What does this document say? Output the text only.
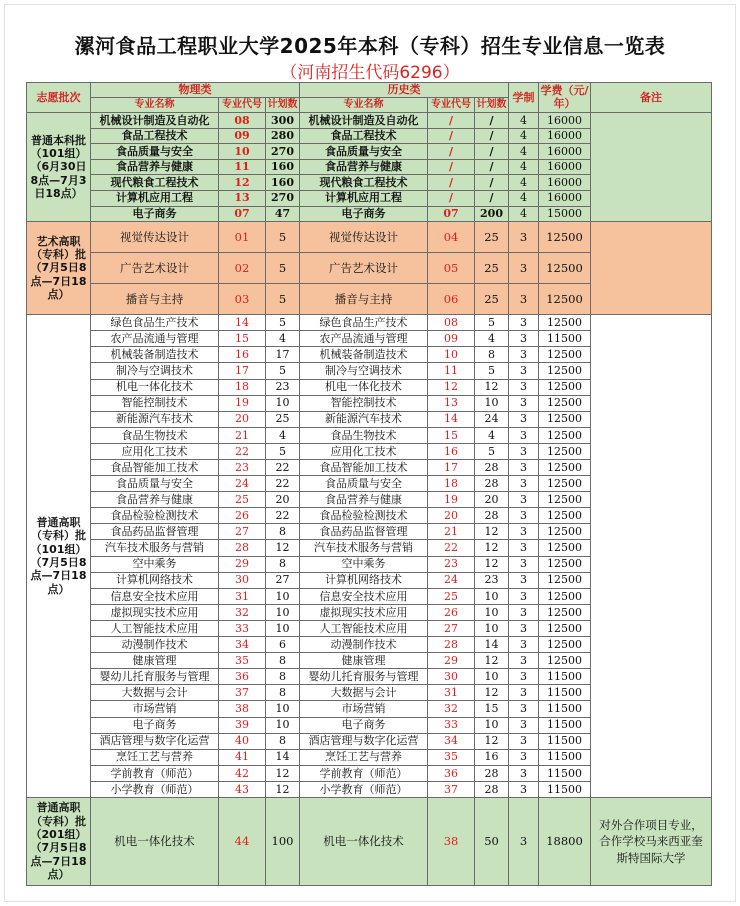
漯河食品工程职业大学2025年本科（专科）招生专业信息一览表
（河南招生代码6296）
志愿批次	物理类			历史类			学制	学费（元/年）	备注
	专业名称	专业代号	计划数	专业名称	专业代号	计划数			
普通本科批（101组）（6月30日8点—7月3日18点）	机械设计制造及自动化	08	300	机械设计制造及自动化	/	/	4	16000	
	食品工程技术	09	280	食品工程技术	/	/	4	16000	
	食品质量与安全	10	270	食品质量与安全	/	/	4	16000	
	食品营养与健康	11	160	食品营养与健康	/	/	4	16000	
	现代粮食工程技术	12	160	现代粮食工程技术	/	/	4	16000	
	计算机应用工程	13	270	计算机应用工程	/	/	4	16000	
	电子商务	07	47	电子商务	07	200	4	15000	
艺术高职（专科）批（7月5日8点—7日18点）	视觉传达设计	01	5	视觉传达设计	04	25	3	12500	
	广告艺术设计	02	5	广告艺术设计	05	25	3	12500	
	播音与主持	03	5	播音与主持	06	25	3	12500	
普通高职（专科）批（101组）（7月5日8点—7日18点）	绿色食品生产技术	14	5	绿色食品生产技术	08	5	3	12500	
	农产品流通与管理	15	4	农产品流通与管理	09	4	3	11500	
	机械装备制造技术	16	17	机械装备制造技术	10	8	3	12500	
	制冷与空调技术	17	5	制冷与空调技术	11	5	3	12500	
	机电一体化技术	18	23	机电一体化技术	12	12	3	12500	
	智能控制技术	19	10	智能控制技术	13	10	3	12500	
	新能源汽车技术	20	25	新能源汽车技术	14	24	3	12500	
	食品生物技术	21	4	食品生物技术	15	4	3	12500	
	应用化工技术	22	5	应用化工技术	16	5	3	12500	
	食品智能加工技术	23	22	食品智能加工技术	17	28	3	12500	
	食品质量与安全	24	22	食品质量与安全	18	28	3	12500	
	食品营养与健康	25	20	食品营养与健康	19	20	3	12500	
	食品检验检测技术	26	22	食品检验检测技术	20	28	3	12500	
	食品药品监督管理	27	8	食品药品监督管理	21	12	3	12500	
	汽车技术服务与营销	28	12	汽车技术服务与营销	22	12	3	12500	
	空中乘务	29	8	空中乘务	23	12	3	12500	
	计算机网络技术	30	27	计算机网络技术	24	23	3	12500	
	信息安全技术应用	31	10	信息安全技术应用	25	10	3	12500	
	虚拟现实技术应用	32	10	虚拟现实技术应用	26	10	3	12500	
	人工智能技术应用	33	10	人工智能技术应用	27	10	3	12500	
	动漫制作技术	34	6	动漫制作技术	28	14	3	12500	
	健康管理	35	8	健康管理	29	12	3	12500	
	婴幼儿托育服务与管理	36	8	婴幼儿托育服务与管理	30	10	3	11500	
	大数据与会计	37	8	大数据与会计	31	12	3	11500	
	市场营销	38	10	市场营销	32	15	3	11500	
	电子商务	39	10	电子商务	33	10	3	11500	
	酒店管理与数字化运营	40	8	酒店管理与数字化运营	34	12	3	11500	
	烹饪工艺与营养	41	14	烹饪工艺与营养	35	16	3	11500	
	学前教育（师范）	42	12	学前教育（师范）	36	28	3	11500	
	小学教育（师范）	43	12	小学教育（师范）	37	28	3	11500	
普通高职（专科）批（201组）（7月5日8点—7日18点）	机电一体化技术	44	100	机电一体化技术	38	50	3	18800	对外合作项目专业，合作学校马来西亚奎斯特国际大学
